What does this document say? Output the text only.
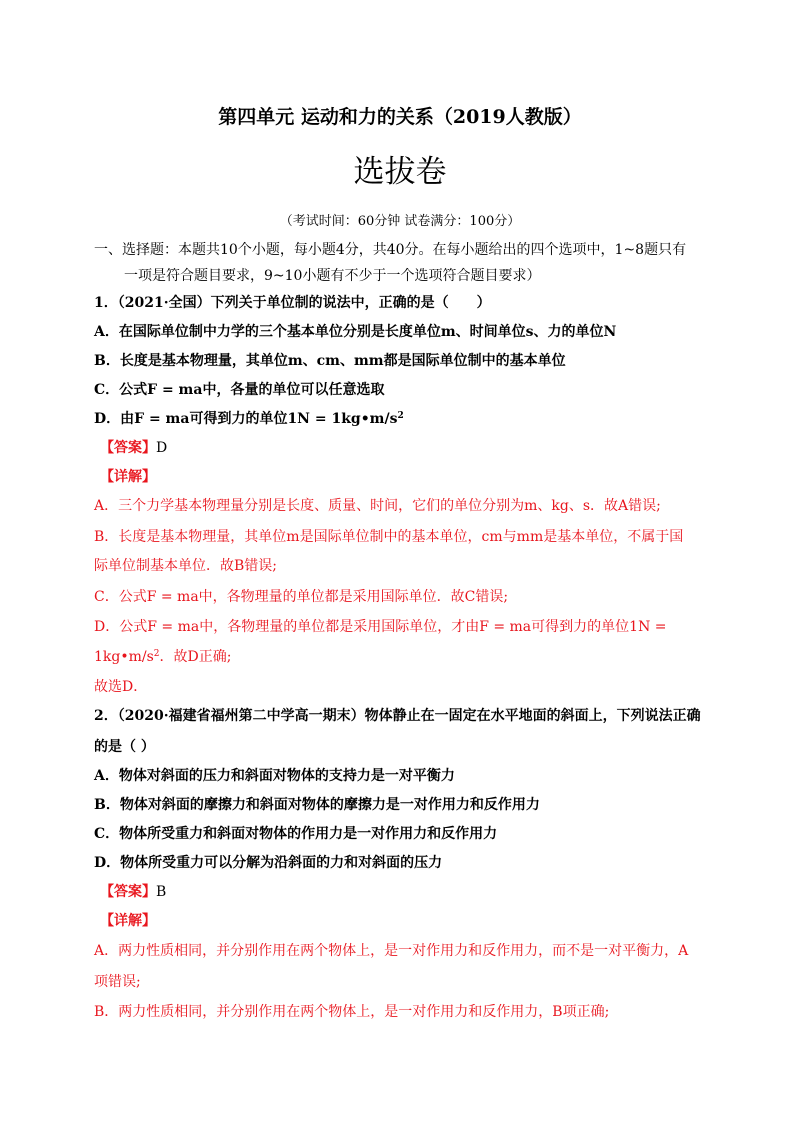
第四单元 运动和力的关系（2019人教版）
选拔卷
（考试时间：60分钟 试卷满分：100分）
一、选择题：本题共10个小题，每小题4分，共40分。在每小题给出的四个选项中，1~8题只有
一项是符合题目要求，9~10小题有不少于一个选项符合题目要求）
1．（2021·全国）下列关于单位制的说法中，正确的是（　　）
A．在国际单位制中力学的三个基本单位分别是长度单位m、时间单位s、力的单位N
B．长度是基本物理量，其单位m、cm、mm都是国际单位制中的基本单位
C．公式F = ma中，各量的单位可以任意选取
D．由F = ma可得到力的单位$1N = 1kg•m/s^2$
【答案】D
【详解】
A．三个力学基本物理量分别是长度、质量、时间，它们的单位分别为m、kg、s．故A错误;
B．长度是基本物理量，其单位m是国际单位制中的基本单位，cm与mm是基本单位，不属于国
际单位制基本单位．故B错误;
C．公式F = ma中，各物理量的单位都是采用国际单位．故C错误;
D．公式F = ma中，各物理量的单位都是采用国际单位，才由F = ma可得到力的单位1N =
$1kg•m/s^2$．故D正确;
故选D．
2．（2020·福建省福州第二中学高一期末）物体静止在一固定在水平地面的斜面上，下列说法正确
的是（ ）
A．物体对斜面的压力和斜面对物体的支持力是一对平衡力
B．物体对斜面的摩擦力和斜面对物体的摩擦力是一对作用力和反作用力
C．物体所受重力和斜面对物体的作用力是一对作用力和反作用力
D．物体所受重力可以分解为沿斜面的力和对斜面的压力
【答案】B
【详解】
A．两力性质相同，并分别作用在两个物体上，是一对作用力和反作用力，而不是一对平衡力，A
项错误;
B．两力性质相同，并分别作用在两个物体上，是一对作用力和反作用力，B项正确;
